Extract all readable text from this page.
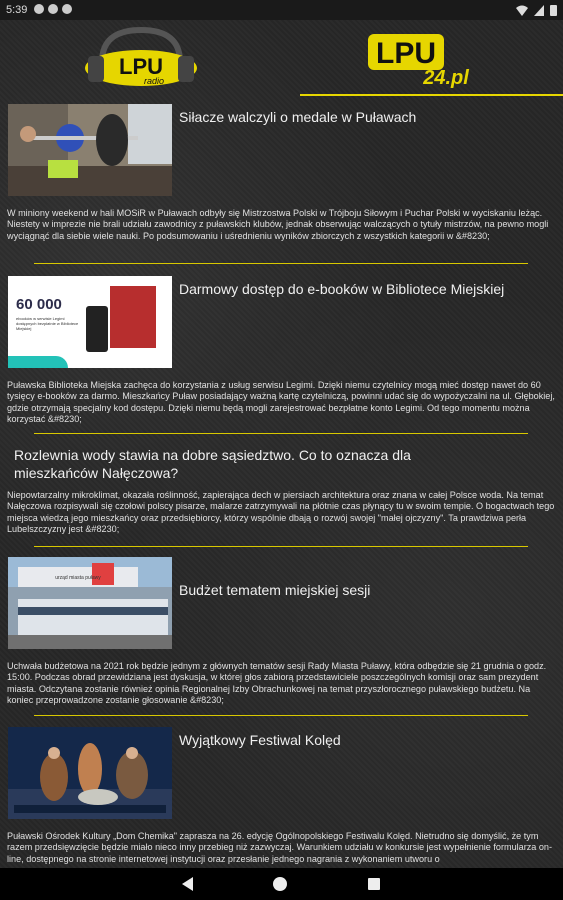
5:39
LPU
radio
LPU
24.pl
Siłacze walczyli o medale w Puławach
W miniony weekend w hali MOSiR w Puławach odbyły się Mistrzostwa Polski w Trójboju Siłowym i Puchar Polski w wyciskaniu leżąc. Niestety w imprezie nie brali udziału zawodnicy z puławskich klubów, jednak obserwując walczących o tytuły mistrzów, na pewno mogli wyciągnąć dla siebie wiele nauki. Po podsumowaniu i uśrednieniu wyników zbiorczych z wszystkich kategorii w &#8230;
60 000
ebooków w serwisie Legimi dostępnych bezpłatnie w Bibliotece Miejskiej
Darmowy dostęp do e-booków w Bibliotece Miejskiej
Puławska Biblioteka Miejska zachęca do korzystania z usług serwisu Legimi. Dzięki niemu czytelnicy mogą mieć dostęp nawet do 60 tysięcy e-booków za darmo. Mieszkańcy Puław posiadający ważną kartę czytelniczą, powinni udać się do wypożyczalni na ul. Głębokiej, gdzie otrzymają specjalny kod dostępu. Dzięki niemu będą mogli zarejestrować bezpłatne konto Legimi. Od tego momentu można korzystać &#8230;
Rozlewnia wody stawia na dobre sąsiedztwo. Co to oznacza dla mieszkańców Nałęczowa?
Niepowtarzalny mikroklimat, okazała roślinność, zapierająca dech w piersiach architektura oraz znana w całej Polsce woda. Na temat Nałęczowa rozpisywali się czołowi polscy pisarze, malarze zatrzymywali na płótnie czas płynący tu w swoim tempie. O bogactwach tego miejsca wiedzą jego mieszkańcy oraz przedsiębiorcy, którzy wspólnie dbają o rozwój swojej "małej ojczyzny". Ta prawdziwa perła Lubelszczyzny jest &#8230;
urząd miasta puławy
Budżet tematem miejskiej sesji
Uchwała budżetowa na 2021 rok będzie jednym z głównych tematów sesji Rady Miasta Puławy, która odbędzie się 21 grudnia o godz. 15:00. Podczas obrad przewidziana jest dyskusja, w której głos zabiorą przedstawiciele poszczególnych komisji oraz sam prezydent miasta. Odczytana zostanie również opinia Regionalnej Izby Obrachunkowej na temat przyszłorocznego puławskiego budżetu. Na koniec przeprowadzone zostanie głosowanie &#8230;
Wyjątkowy Festiwal Kolęd
Puławski Ośrodek Kultury „Dom Chemika" zaprasza na 26. edycję Ogólnopolskiego Festiwalu Kolęd. Nietrudno się domyślić, że tym razem przedsięwzięcie będzie miało nieco inny przebieg niż zazwyczaj. Warunkiem udziału w konkursie jest wypełnienie formularza on-line, dostępnego na stronie internetowej instytucji oraz przesłanie jednego nagrania z wykonaniem utworu o
